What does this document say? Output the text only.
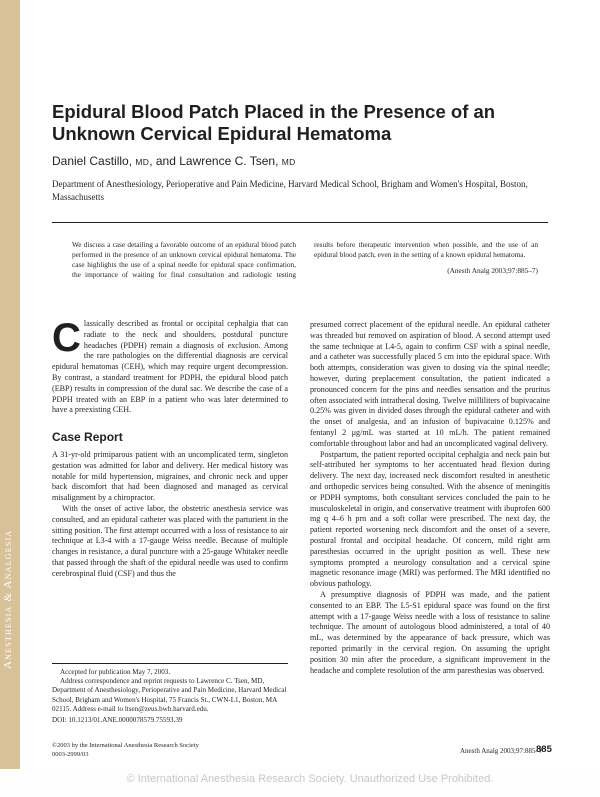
Anesthesia & Analgesia
Epidural Blood Patch Placed in the Presence of an Unknown Cervical Epidural Hematoma
Daniel Castillo, MD, and Lawrence C. Tsen, MD
Department of Anesthesiology, Perioperative and Pain Medicine, Harvard Medical School, Brigham and Women's Hospital, Boston, Massachusetts
We discuss a case detailing a favorable outcome of an epidural blood patch performed in the presence of an unknown cervical epidural hematoma. The case highlights the use of a spinal needle for epidural space confirmation, the importance of waiting for final consultation and radiologic testing results before therapeutic intervention when possible, and the use of an epidural blood patch, even in the setting of a known epidural hematoma.
(Anesth Analg 2003;97:885–7)

Classically described as frontal or occipital cephalgia that can radiate to the neck and shoulders, postdural puncture headaches (PDPH) remain a diagnosis of exclusion. Among the rare pathologies on the differential diagnosis are cervical epidural hematomas (CEH), which may require urgent decompression. By contrast, a standard treatment for PDPH, the epidural blood patch (EBP) results in compression of the dural sac. We describe the case of a PDPH treated with an EBP in a patient who was later determined to have a preexisting CEH.

Case Report

A 31-yr-old primiparous patient with an uncomplicated term, singleton gestation was admitted for labor and delivery. Her medical history was notable for mild hypertension, migraines, and chronic neck and upper back discomfort that had been diagnosed and managed as cervical misalignment by a chiropractor.

With the onset of active labor, the obstetric anesthesia service was consulted, and an epidural catheter was placed with the parturient in the sitting position. The first attempt occurred with a loss of resistance to air technique at L3-4 with a 17-gauge Weiss needle. Because of multiple changes in resistance, a dural puncture with a 25-gauge Whitaker needle that passed through the shaft of the epidural needle was used to confirm cerebrospinal fluid (CSF) and thus the

presumed correct placement of the epidural needle. An epidural catheter was threaded but removed on aspiration of blood. A second attempt used the same technique at L4-5, again to confirm CSF with a spinal needle, and a catheter was successfully placed 5 cm into the epidural space. With both attempts, consideration was given to dosing via the spinal needle; however, during preplacement consultation, the patient indicated a pronounced concern for the pins and needles sensation and the pruritus often associated with intrathecal dosing. Twelve milliliters of bupivacaine 0.25% was given in divided doses through the epidural catheter and with the onset of analgesia, and an infusion of bupivacaine 0.125% and fentanyl 2 μg/mL was started at 10 mL/h. The patient remained comfortable throughout labor and had an uncomplicated vaginal delivery.

Postpartum, the patient reported occipital cephalgia and neck pain but self-attributed her symptoms to her accentuated head flexion during delivery. The next day, increased neck discomfort resulted in anesthetic and orthopedic services being consulted. With the absence of meningitis or PDPH symptoms, both consultant services concluded the pain to be musculoskeletal in origin, and conservative treatment with ibuprofen 600 mg q 4–6 h prn and a soft collar were prescribed. The next day, the patient reported worsening neck discomfort and the onset of a severe, postural frontal and occipital headache. Of concern, mild right arm paresthesias occurred in the upright position as well. These new symptoms prompted a neurology consultation and a cervical spine magnetic resonance image (MRI) was performed. The MRI identified no obvious pathology.

A presumptive diagnosis of PDPH was made, and the patient consented to an EBP. The L5-S1 epidural space was found on the first attempt with a 17-gauge Weiss needle with a loss of resistance to saline technique. The amount of autologous blood administered, a total of 40 mL, was determined by the appearance of back pressure, which was reported primarily in the cervical region. On assuming the upright position 30 min after the procedure, a significant improvement in the headache and complete resolution of the arm paresthesias was observed.

Accepted for publication May 7, 2003.

Address correspondence and reprint requests to Lawrence C. Tsen, MD, Department of Anesthesiology, Perioperative and Pain Medicine, Harvard Medical School, Brigham and Women's Hospital, 75 Francis St., CWN-L1, Boston, MA 02115. Address e-mail to ltsen@zeus.bwh.harvard.edu.

DOI: 10.1213/01.ANE.0000078579.75593.39

©2003 by the International Anesthesia Research Society
0003-2999/03	Anesth Analg 2003;97:885–7
885
© International Anesthesia Research Society. Unauthorized Use Prohibited.
